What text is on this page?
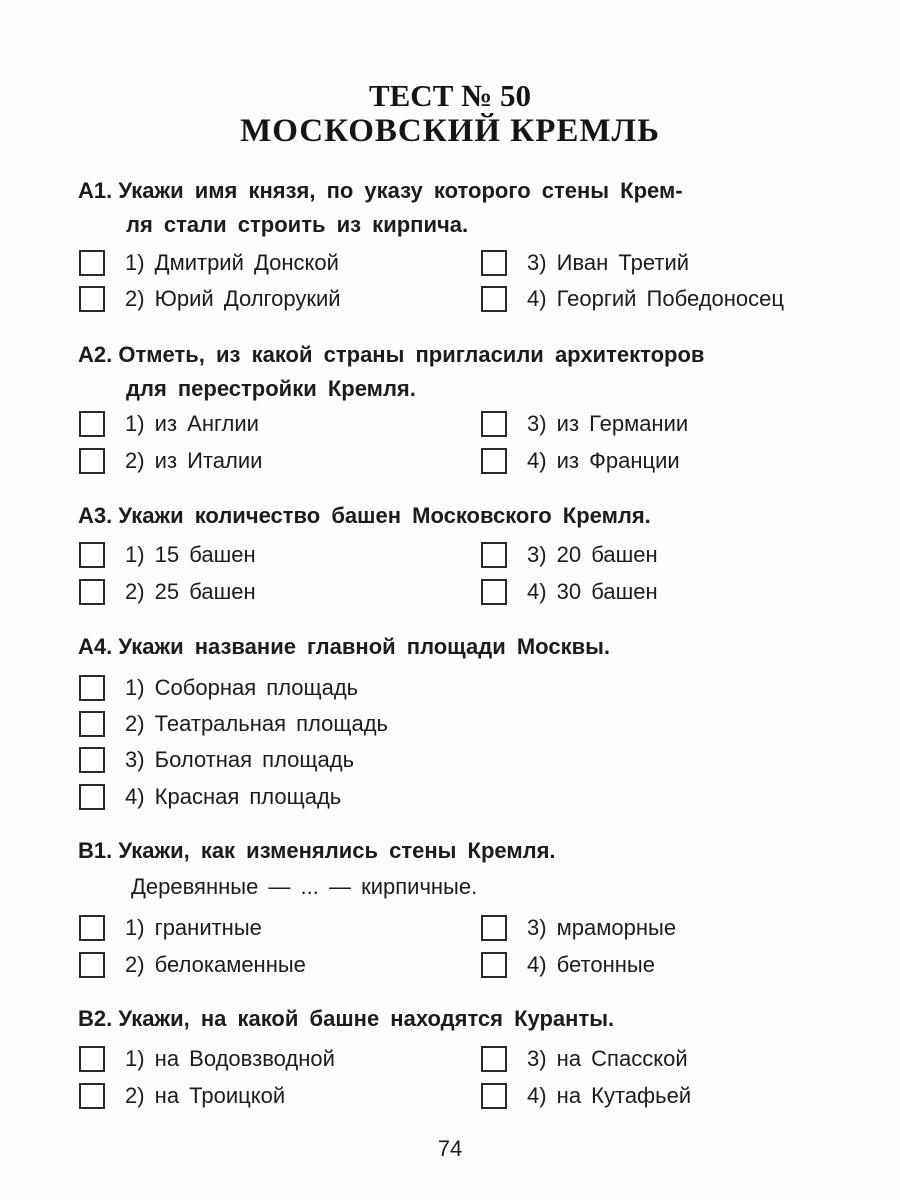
ТЕСТ № 50
МОСКОВСКИЙ КРЕМЛЬ
А1. Укажи имя князя, по указу которого стены Крем-
ля стали строить из кирпича.
1) Дмитрий Донской
2) Юрий Долгорукий
3) Иван Третий
4) Георгий Победоносец
А2. Отметь, из какой страны пригласили архитекторов
для перестройки Кремля.
1) из Англии
2) из Италии
3) из Германии
4) из Франции
А3. Укажи количество башен Московского Кремля.
1) 15 башен
2) 25 башен
3) 20 башен
4) 30 башен
А4. Укажи название главной площади Москвы.
1) Соборная площадь
2) Театральная площадь
3) Болотная площадь
4) Красная площадь
В1. Укажи, как изменялись стены Кремля.
Деревянные — ... — кирпичные.
1) гранитные
2) белокаменные
3) мраморные
4) бетонные
В2. Укажи, на какой башне находятся Куранты.
1) на Водовзводной
2) на Троицкой
3) на Спасской
4) на Кутафьей
74
